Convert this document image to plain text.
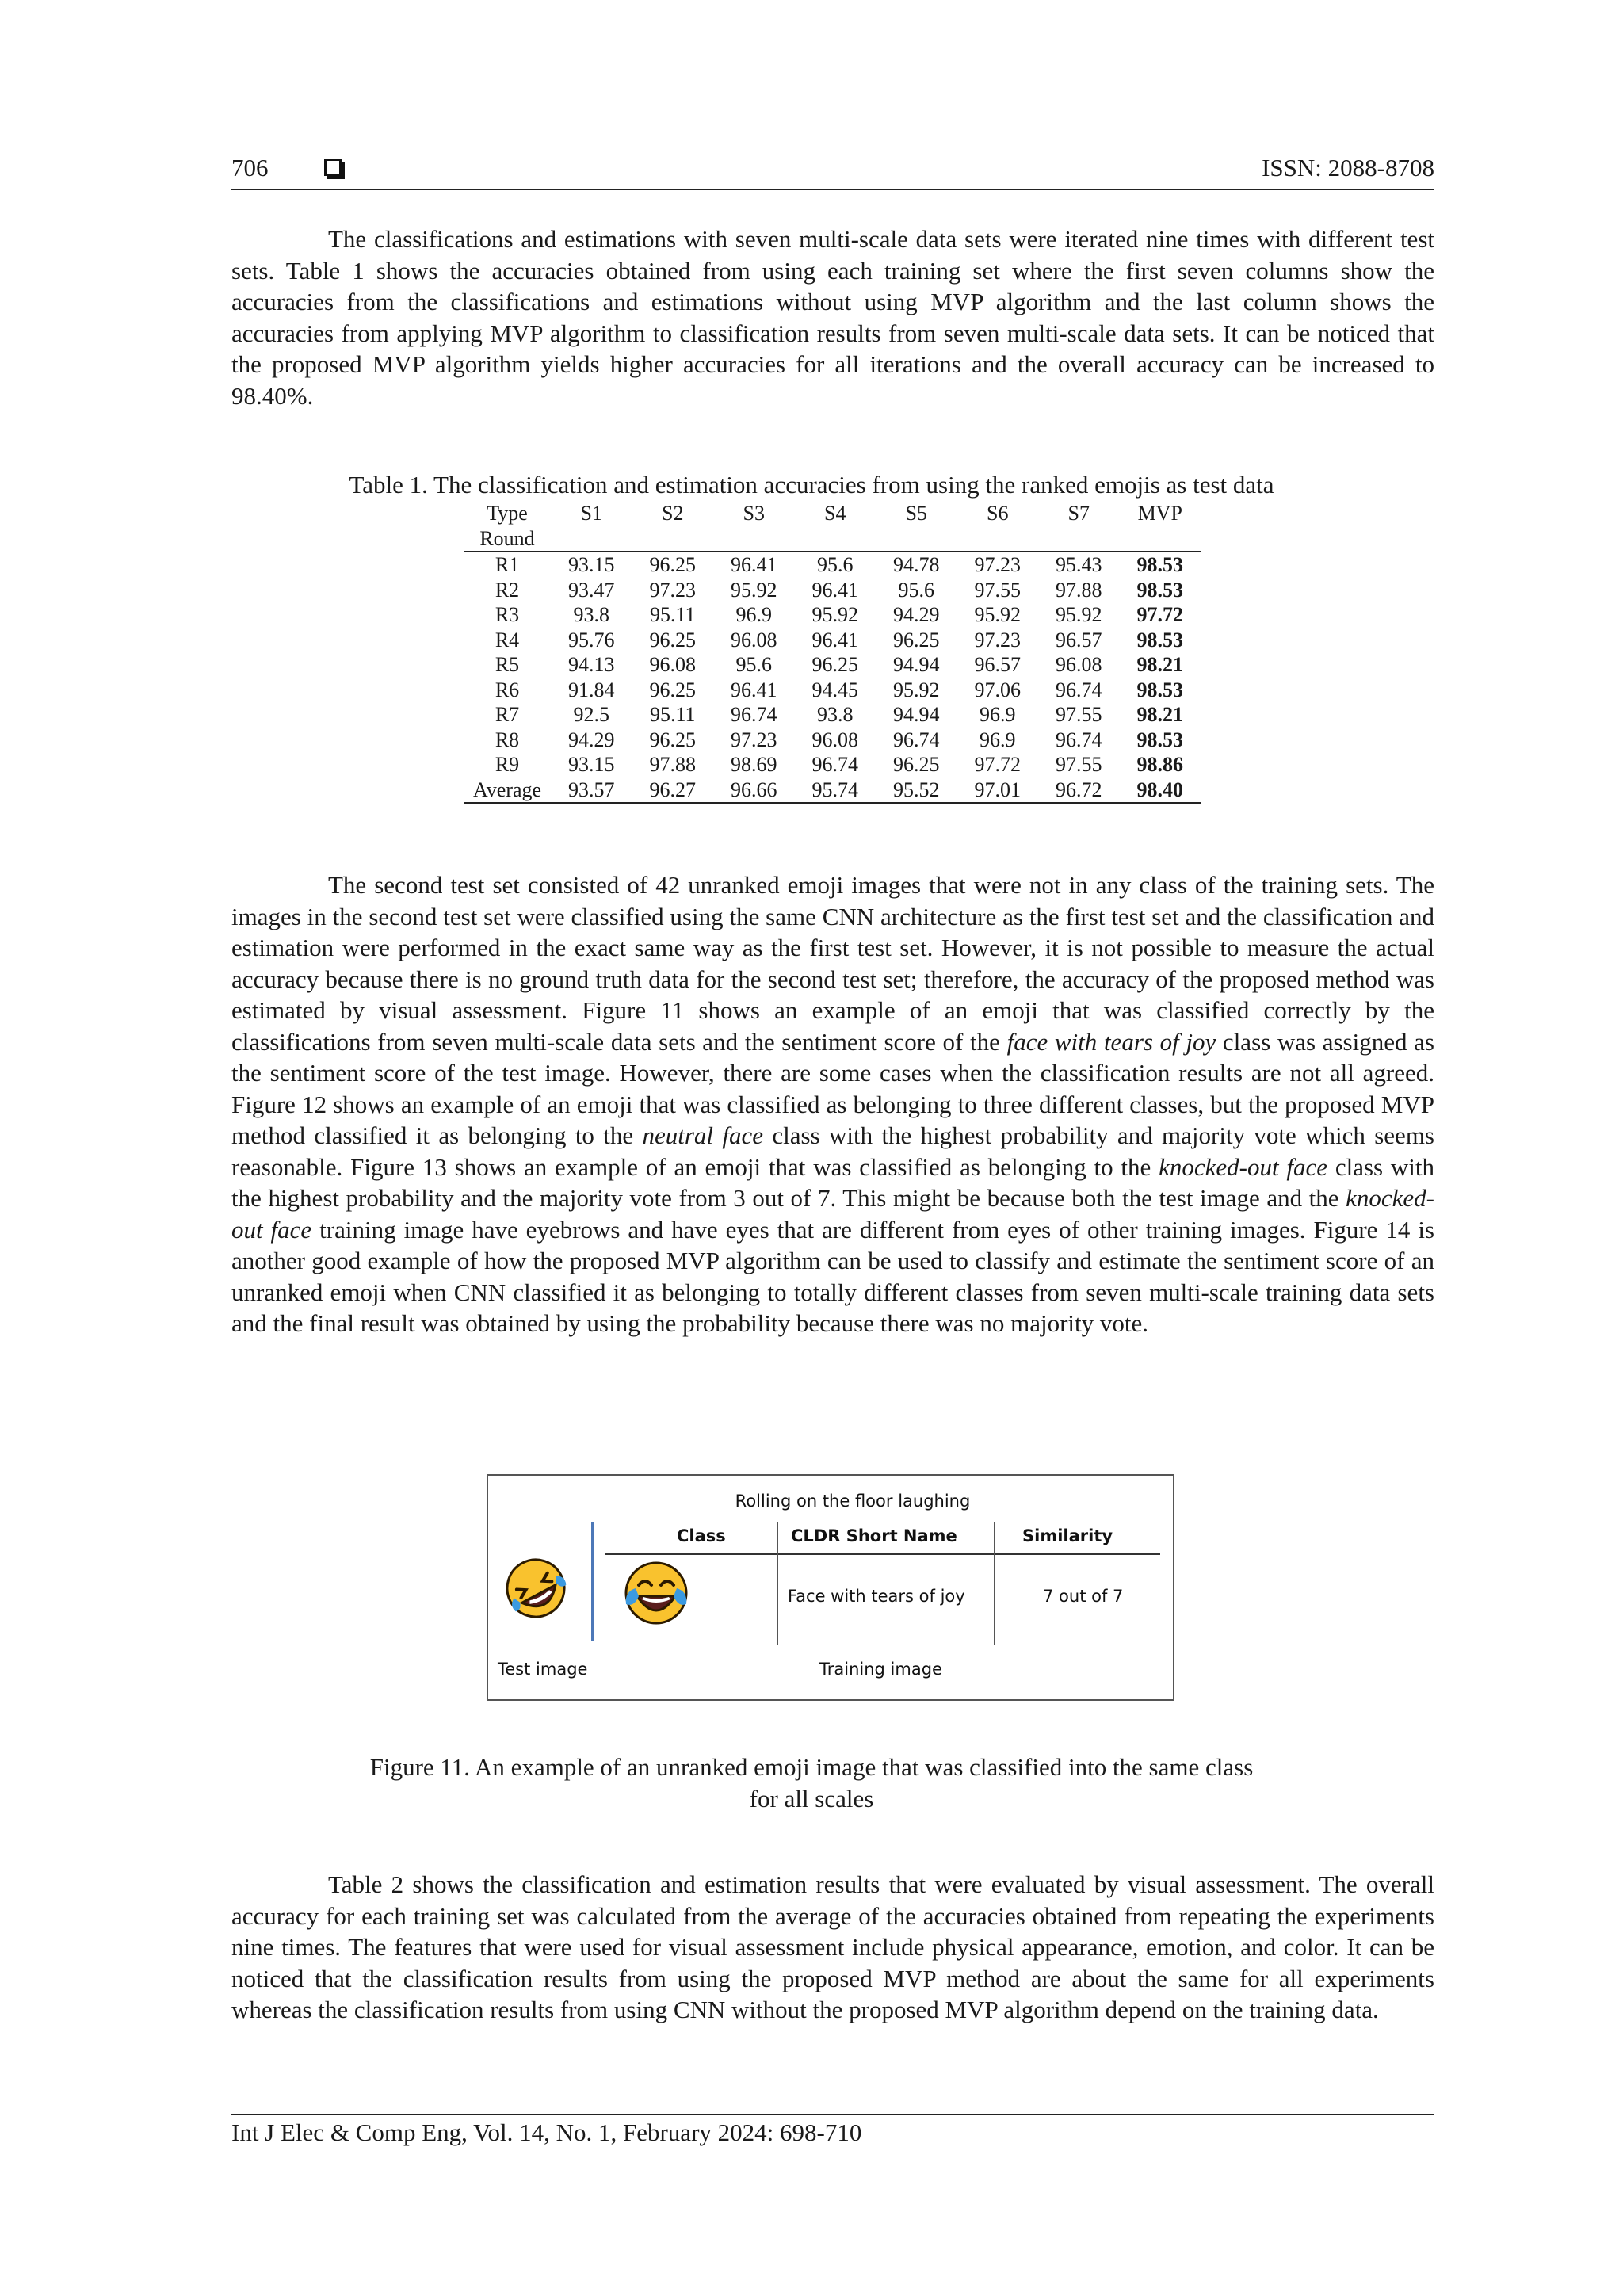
706	ISSN: 2088-8708

The classifications and estimations with seven multi-scale data sets were iterated nine times with different test sets. Table 1 shows the accuracies obtained from using each training set where the first seven columns show the accuracies from the classifications and estimations without using MVP algorithm and the last column shows the accuracies from applying MVP algorithm to classification results from seven multi-scale data sets. It can be noticed that the proposed MVP algorithm yields higher accuracies for all iterations and the overall accuracy can be increased to 98.40%.

Table 1. The classification and estimation accuracies from using the ranked emojis as test data
Type	S1	S2	S3	S4	S5	S6	S7	MVP
Round								
R1	93.15	96.25	96.41	95.6	94.78	97.23	95.43	98.53
R2	93.47	97.23	95.92	96.41	95.6	97.55	97.88	98.53
R3	93.8	95.11	96.9	95.92	94.29	95.92	95.92	97.72
R4	95.76	96.25	96.08	96.41	96.25	97.23	96.57	98.53
R5	94.13	96.08	95.6	96.25	94.94	96.57	96.08	98.21
R6	91.84	96.25	96.41	94.45	95.92	97.06	96.74	98.53
R7	92.5	95.11	96.74	93.8	94.94	96.9	97.55	98.21
R8	94.29	96.25	97.23	96.08	96.74	96.9	96.74	98.53
R9	93.15	97.88	98.69	96.74	96.25	97.72	97.55	98.86
Average	93.57	96.27	96.66	95.74	95.52	97.01	96.72	98.40

The second test set consisted of 42 unranked emoji images that were not in any class of the training sets. The images in the second test set were classified using the same CNN architecture as the first test set and the classification and estimation were performed in the exact same way as the first test set. However, it is not possible to measure the actual accuracy because there is no ground truth data for the second test set; therefore, the accuracy of the proposed method was estimated by visual assessment. Figure 11 shows an example of an emoji that was classified correctly by the classifications from seven multi-scale data sets and the sentiment score of the face with tears of joy class was assigned as the sentiment score of the test image. However, there are some cases when the classification results are not all agreed. Figure 12 shows an example of an emoji that was classified as belonging to three different classes, but the proposed MVP method classified it as belonging to the neutral face class with the highest probability and majority vote which seems reasonable. Figure 13 shows an example of an emoji that was classified as belonging to the knocked-out face class with the highest probability and the majority vote from 3 out of 7. This might be because both the test image and the knocked-out face training image have eyebrows and have eyes that are different from eyes of other training images. Figure 14 is another good example of how the proposed MVP algorithm can be used to classify and estimate the sentiment score of an unranked emoji when CNN classified it as belonging to totally different classes from seven multi-scale training data sets and the final result was obtained by using the probability because there was no majority vote.

Rolling on the floor laughing
Class	CLDR Short Name	Similarity
Face with tears of joy	7 out of 7
Test image	Training image
Figure 11. An example of an unranked emoji image that was classified into the same class
for all scales

Table 2 shows the classification and estimation results that were evaluated by visual assessment. The overall accuracy for each training set was calculated from the average of the accuracies obtained from repeating the experiments nine times. The features that were used for visual assessment include physical appearance, emotion, and color. It can be noticed that the classification results from using the proposed MVP method are about the same for all experiments whereas the classification results from using CNN without the proposed MVP algorithm depend on the training data.

Int J Elec & Comp Eng, Vol. 14, No. 1, February 2024: 698-710
